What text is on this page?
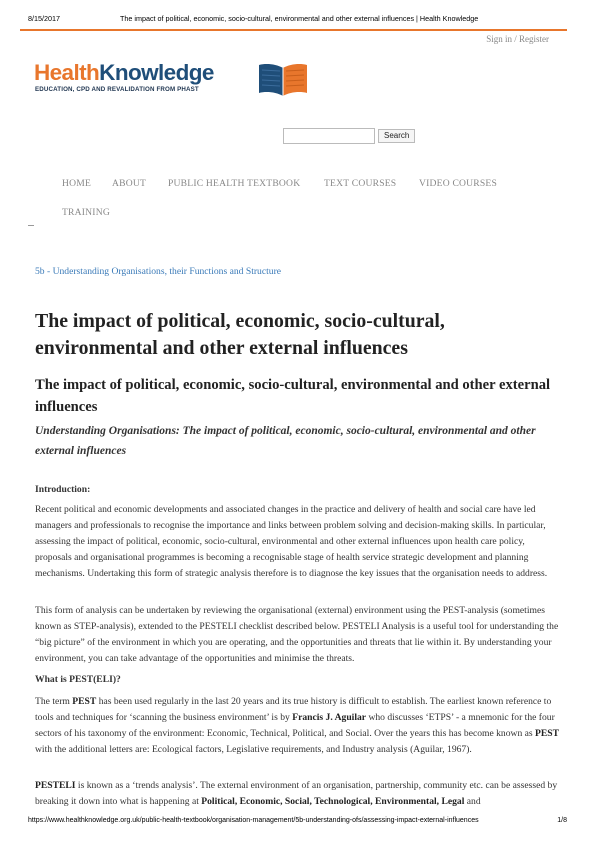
8/15/2017	The impact of political, economic, socio-cultural, environmental and other external influences | Health Knowledge
Sign in / Register
HealthKnowledge
EDUCATION, CPD AND REVALIDATION FROM PHAST
Search
HOME ABOUT PUBLIC HEALTH TEXTBOOK TEXT COURSES VIDEO COURSES
TRAINING
5b - Understanding Organisations, their Functions and Structure
The impact of political, economic, socio-cultural, environmental and other external influences
The impact of political, economic, socio-cultural, environmental and other external influences
Understanding Organisations: The impact of political, economic, socio-cultural, environmental and other external influences
Introduction:

Recent political and economic developments and associated changes in the practice and delivery of health and social care have led managers and professionals to recognise the importance and links between problem solving and decision-making skills. In particular, assessing the impact of political, economic, socio-cultural, environmental and other external influences upon health care policy, proposals and organisational programmes is becoming a recognisable stage of health service strategic development and planning mechanisms. Undertaking this form of strategic analysis therefore is to diagnose the key issues that the organisation needs to address.

This form of analysis can be undertaken by reviewing the organisational (external) environment using the PEST-analysis (sometimes known as STEP-analysis), extended to the PESTELI checklist described below. PESTELI Analysis is a useful tool for understanding the “big picture” of the environment in which you are operating, and the opportunities and threats that lie within it. By understanding your environment, you can take advantage of the opportunities and minimise the threats.

What is PEST(ELI)?

The term PEST has been used regularly in the last 20 years and its true history is difficult to establish. The earliest known reference to tools and techniques for ‘scanning the business environment’ is by Francis J. Aguilar who discusses ‘ETPS’ - a mnemonic for the four sectors of his taxonomy of the environment: Economic, Technical, Political, and Social. Over the years this has become known as PEST with the additional letters are: Ecological factors, Legislative requirements, and Industry analysis (Aguilar, 1967).

PESTELI is known as a ‘trends analysis’. The external environment of an organisation, partnership, community etc. can be assessed by breaking it down into what is happening at Political, Economic, Social, Technological, Environmental, Legal and

https://www.healthknowledge.org.uk/public-health-textbook/organisation-management/5b-understanding-ofs/assessing-impact-external-influences	1/8
